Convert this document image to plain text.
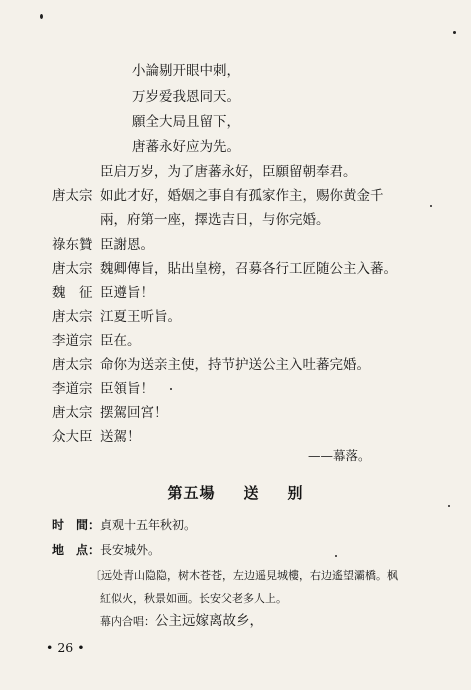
小論剔开眼中刺，
万岁爱我恩同天。
願全大局且留下，
唐蕃永好应为先。
臣启万岁，为了唐蕃永好，臣願留朝奉君。
唐太宗 如此才好，婚姻之事自有孤家作主，赐你黄金千
兩，府第一座，擇选吉日，与你完婚。
祿东贊 臣謝恩。
唐太宗 魏卿傳旨，貼出皇榜，召募各行工匠随公主入蕃。
魏　征 臣遵旨！
唐太宗 江夏王听旨。
李道宗 臣在。
唐太宗 命你为送亲主使，持节护送公主入吐蕃完婚。
李道宗 臣領旨！
唐太宗 摆駕回宮！
众大臣 送駕！
——幕落。
第五場 送 别
时　間：貞观十五年秋初。
地　点：長安城外。
〔远处青山隐隐，树木苍苍，左边遥見城樓，右边遙望灞橋。枫
紅似火，秋景如画。长安父老多人上。
幕内合唱：公主远嫁离故乡，
• 26 •
